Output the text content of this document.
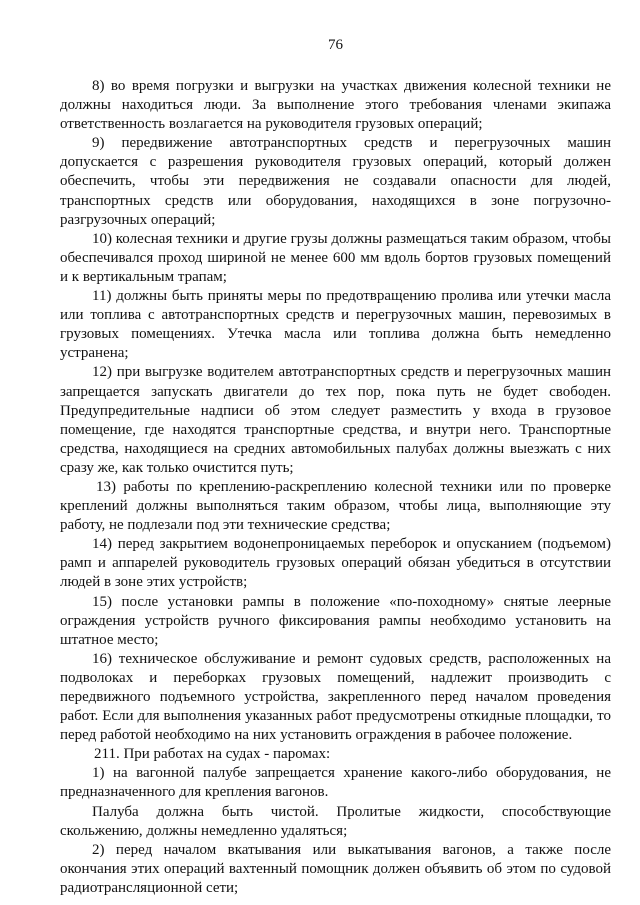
76

8) во время погрузки и выгрузки на участках движения колесной техники не должны находиться люди. За выполнение этого требования членами экипажа ответственность возлагается на руководителя грузовых операций;

9) передвижение автотранспортных средств и перегрузочных машин допускается с разрешения руководителя грузовых операций, который должен обеспечить, чтобы эти передвижения не создавали опасности для людей, транспортных средств или оборудования, находящихся в зоне погрузочно-разгрузочных операций;

10) колесная техники и другие грузы должны размещаться таким образом, чтобы обеспечивался проход шириной не менее 600 мм вдоль бортов грузовых помещений и к вертикальным трапам;

11) должны быть приняты меры по предотвращению пролива или утечки масла или топлива с автотранспортных средств и перегрузочных машин, перевозимых в грузовых помещениях. Утечка масла или топлива должна быть немедленно устранена;

12) при выгрузке водителем автотранспортных средств и перегрузочных машин запрещается запускать двигатели до тех пор, пока путь не будет свободен. Предупредительные надписи об этом следует разместить у входа в грузовое помещение, где находятся транспортные средства, и внутри него. Транспортные средства, находящиеся на средних автомобильных палубах должны выезжать с них сразу же, как только очистится путь;

13) работы по креплению-раскреплению колесной техники или по проверке креплений должны выполняться таким образом, чтобы лица, выполняющие эту работу, не подлезали под эти технические средства;

14) перед закрытием водонепроницаемых переборок и опусканием (подъемом) рамп и аппарелей руководитель грузовых операций обязан убедиться в отсутствии людей в зоне этих устройств;

15) после установки рампы в положение «по-походному» снятые леерные ограждения устройств ручного фиксирования рампы необходимо установить на штатное место;

16) техническое обслуживание и ремонт судовых средств, расположенных на подволоках и переборках грузовых помещений, надлежит производить с передвижного подъемного устройства, закрепленного перед началом проведения работ. Если для выполнения указанных работ предусмотрены откидные площадки, то перед работой необходимо на них установить ограждения в рабочее положение.

211. При работах на судах - паромах:

1) на вагонной палубе запрещается хранение какого-либо оборудования, не предназначенного для крепления вагонов.

Палуба должна быть чистой. Пролитые жидкости, способствующие скольжению, должны немедленно удаляться;

2) перед началом вкатывания или выкатывания вагонов, а также после окончания этих операций вахтенный помощник должен объявить об этом по судовой радиотрансляционной сети;
